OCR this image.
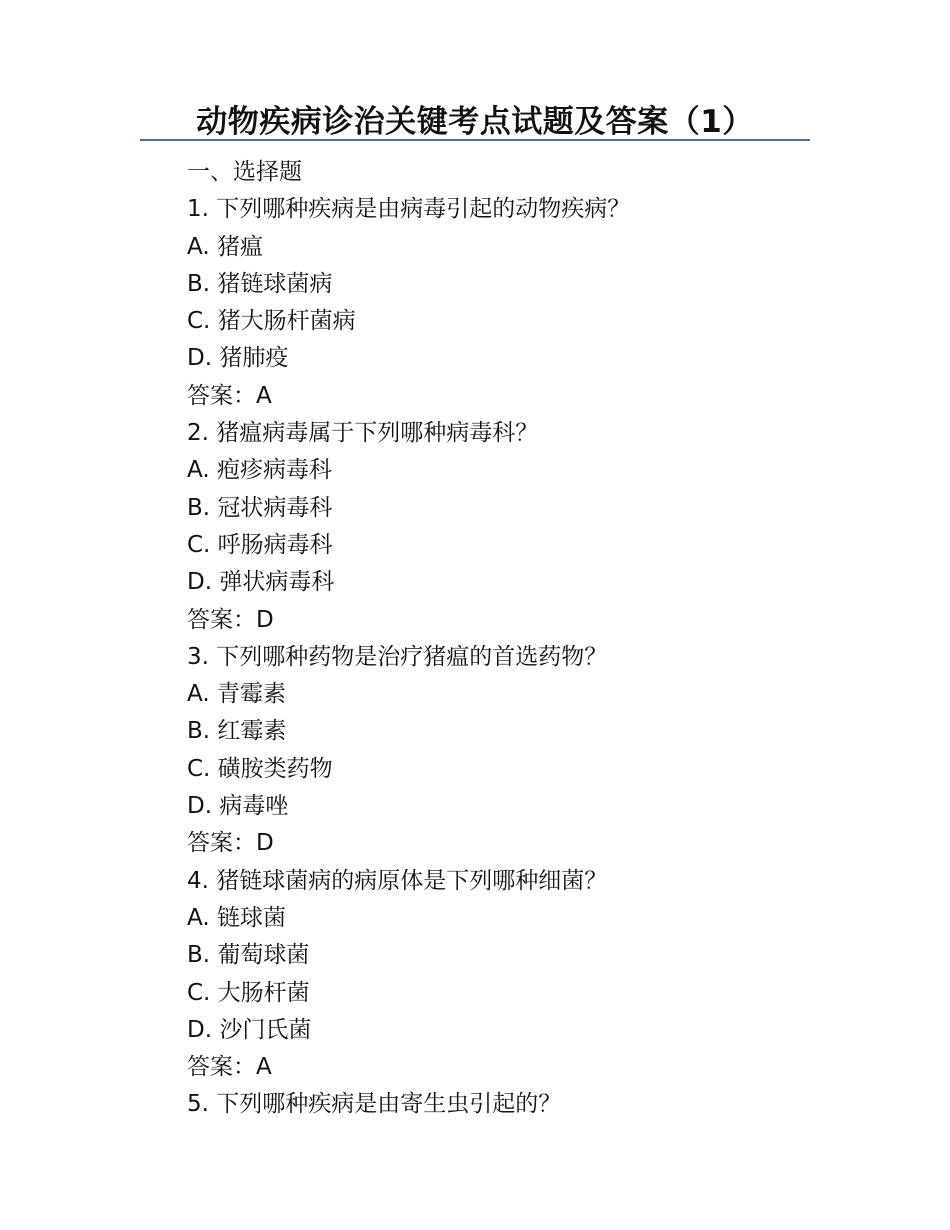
动物疾病诊治关键考点试题及答案（1）
一、选择题
1. 下列哪种疾病是由病毒引起的动物疾病？
A. 猪瘟
B. 猪链球菌病
C. 猪大肠杆菌病
D. 猪肺疫
答案：A
2. 猪瘟病毒属于下列哪种病毒科？
A. 疱疹病毒科
B. 冠状病毒科
C. 呼肠病毒科
D. 弹状病毒科
答案：D
3. 下列哪种药物是治疗猪瘟的首选药物？
A. 青霉素
B. 红霉素
C. 磺胺类药物
D. 病毒唑
答案：D
4. 猪链球菌病的病原体是下列哪种细菌？
A. 链球菌
B. 葡萄球菌
C. 大肠杆菌
D. 沙门氏菌
答案：A
5. 下列哪种疾病是由寄生虫引起的？
